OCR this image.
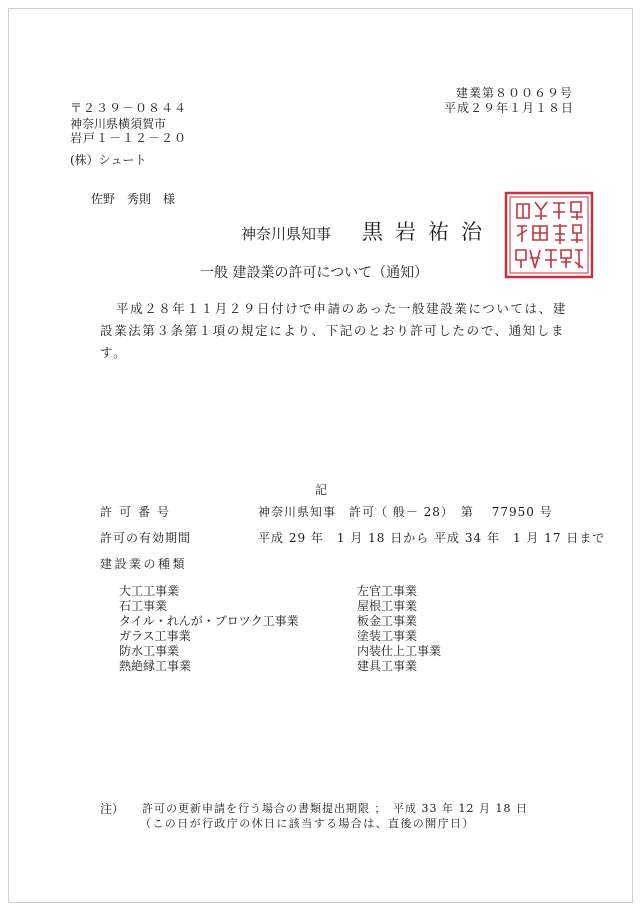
建業第８００６９号
平成２９年１月１８日
〒２３９－０８４４
神奈川県横須賀市
岩戸１－１２－２０
(株）シュート
佐野　秀則　様
神奈川県知事 黒岩祐治
一般 建設業の許可について（通知）
平成２８年１１月２９日付けで申請のあった一般建設業については、建設業法第３条第１項の規定により、下記のとおり許可したので、通知します。
記
許可番号	神奈川県知事　許可（ 般－ 28）　第　 77950 号
許可の有効期間	平成 29 年　1 月 18 日から 平成 34 年　1 月 17 日まで
建設業の種類
大工工事業
石工事業
タイル・れんが・ブロツク工事業
ガラス工事業
防水工事業
熱絶縁工事業
左官工事業
屋根工事業
板金工事業
塗装工事業
内装仕上工事業
建具工事業
注） 許可の更新申請を行う場合の書類提出期限 ；　平成 33 年 12 月 18 日
（この日が行政庁の休日に該当する場合は、直後の開庁日）
